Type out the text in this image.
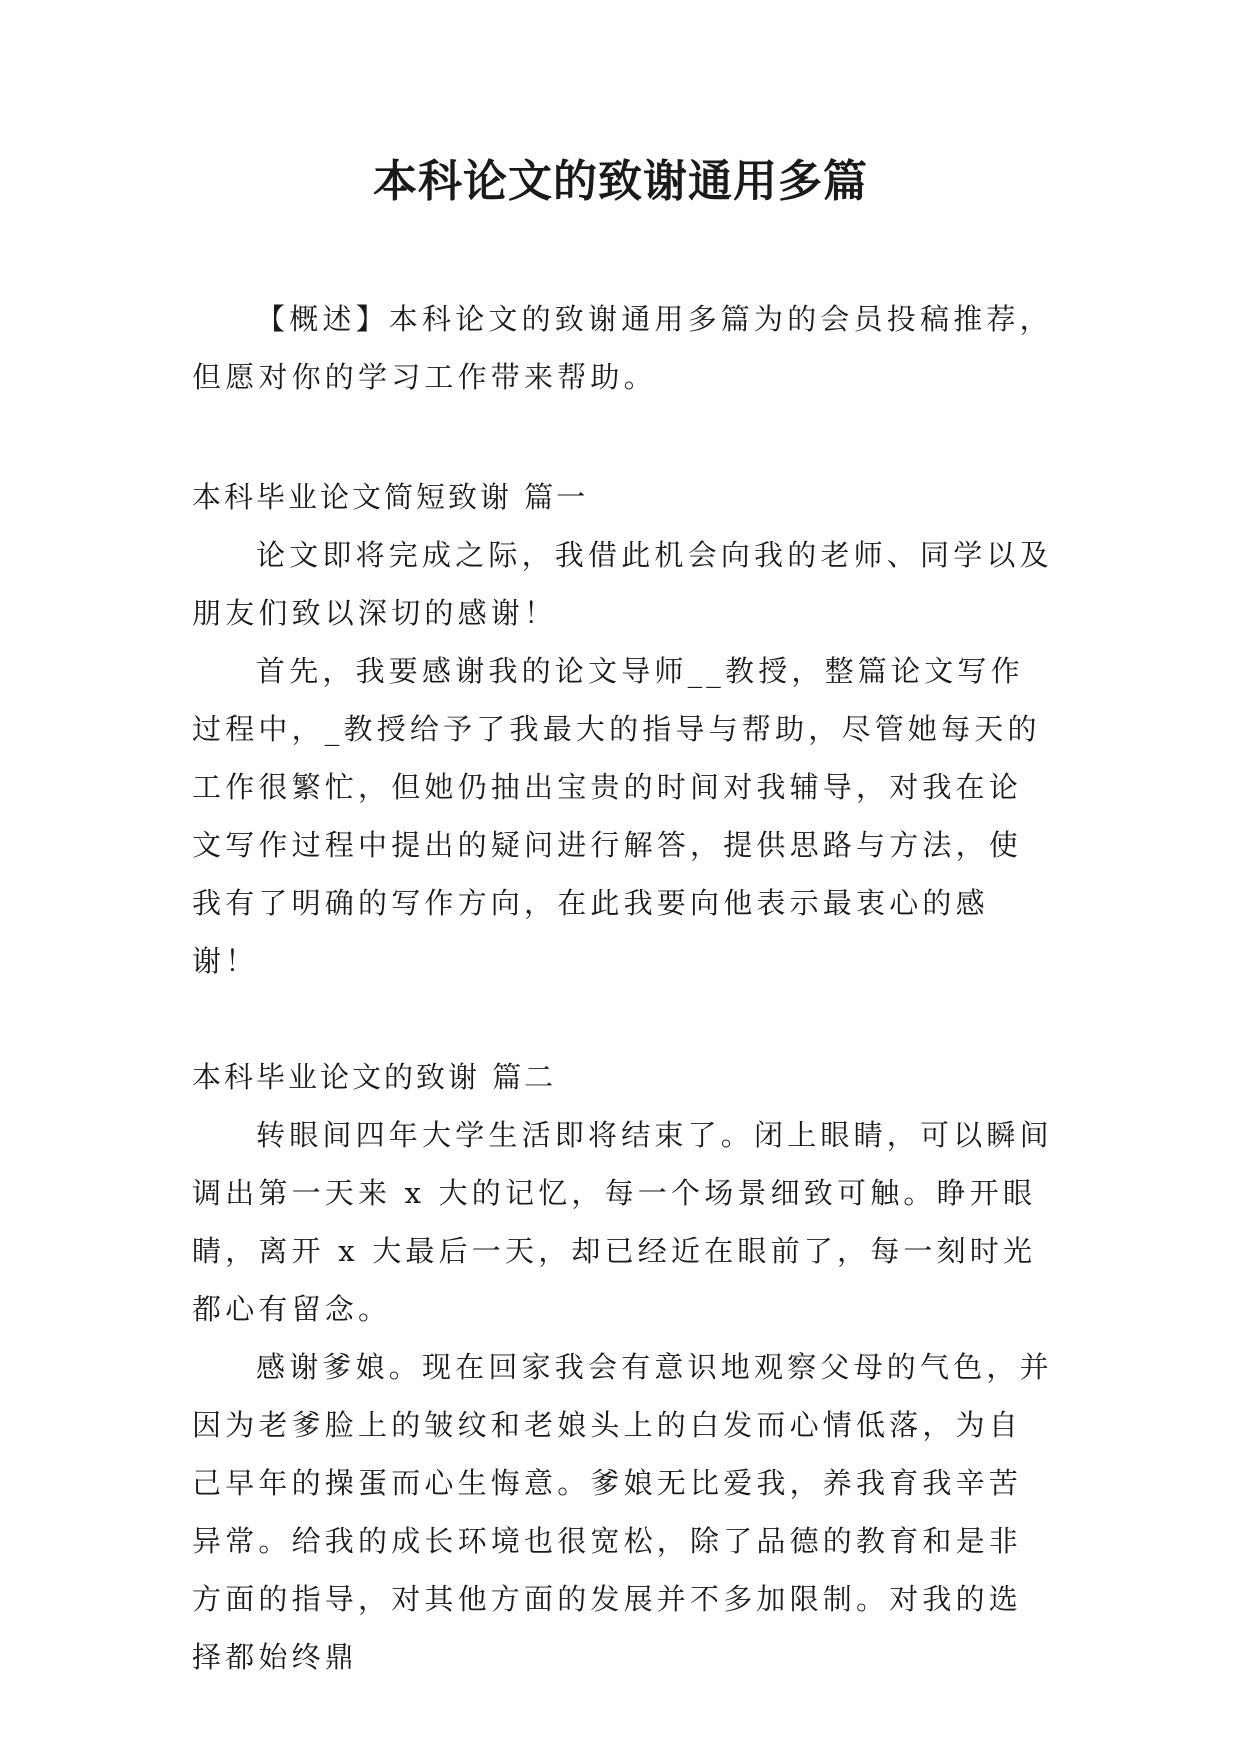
本科论文的致谢通用多篇

【概述】本科论文的致谢通用多篇为的会员投稿推荐，但愿对你的学习工作带来帮助。

本科毕业论文简短致谢 篇一

论文即将完成之际，我借此机会向我的老师、同学以及朋友们致以深切的感谢！

首先，我要感谢我的论文导师__教授，整篇论文写作过程中，_教授给予了我最大的指导与帮助，尽管她每天的工作很繁忙，但她仍抽出宝贵的时间对我辅导，对我在论文写作过程中提出的疑问进行解答，提供思路与方法，使我有了明确的写作方向，在此我要向他表示最衷心的感谢！

本科毕业论文的致谢 篇二

转眼间四年大学生活即将结束了。闭上眼睛，可以瞬间调出第一天来 x 大的记忆，每一个场景细致可触。睁开眼睛，离开 x 大最后一天，却已经近在眼前了，每一刻时光都心有留念。

感谢爹娘。现在回家我会有意识地观察父母的气色，并因为老爹脸上的皱纹和老娘头上的白发而心情低落，为自己早年的操蛋而心生悔意。爹娘无比爱我，养我育我辛苦异常。给我的成长环境也很宽松，除了品德的教育和是非方面的指导，对其他方面的发展并不多加限制。对我的选择都始终鼎
